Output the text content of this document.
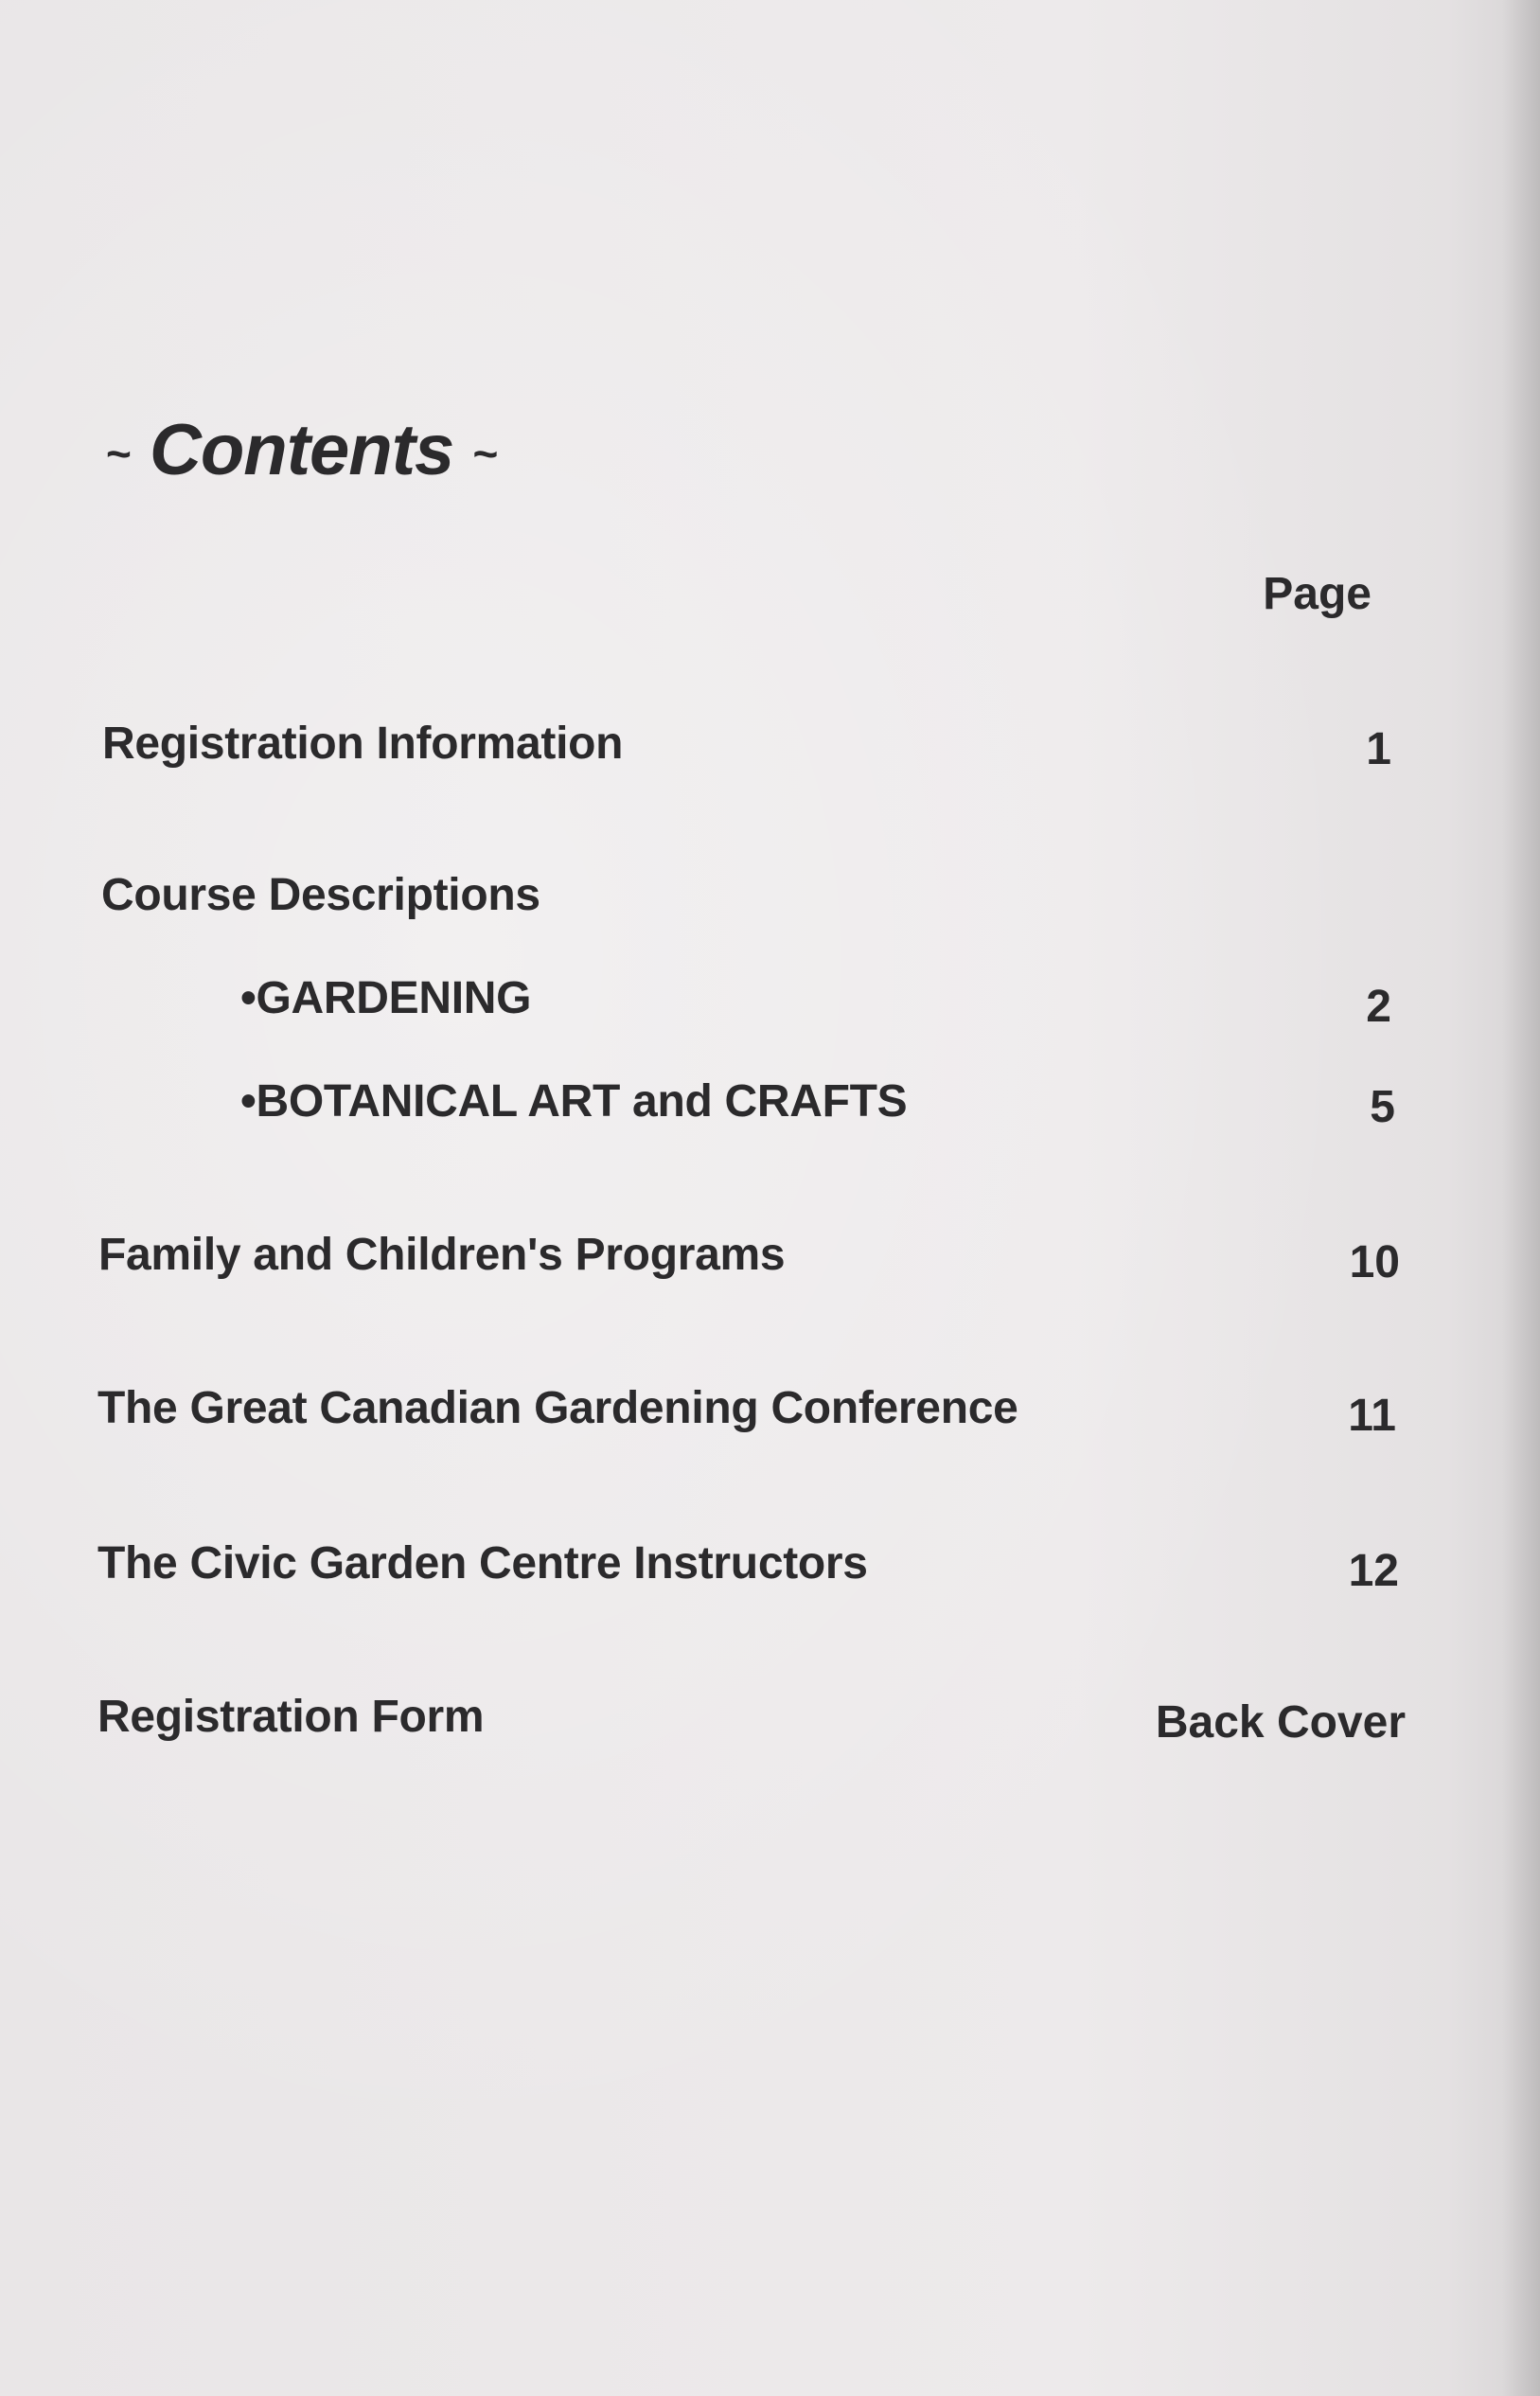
~ Contents ~
Page
Registration Information	1
Course Descriptions
•GARDENING	2
•BOTANICAL ART and CRAFTS	5
Family and Children's Programs	10
The Great Canadian Gardening Conference	11
The Civic Garden Centre Instructors	12
Registration Form	Back Cover
